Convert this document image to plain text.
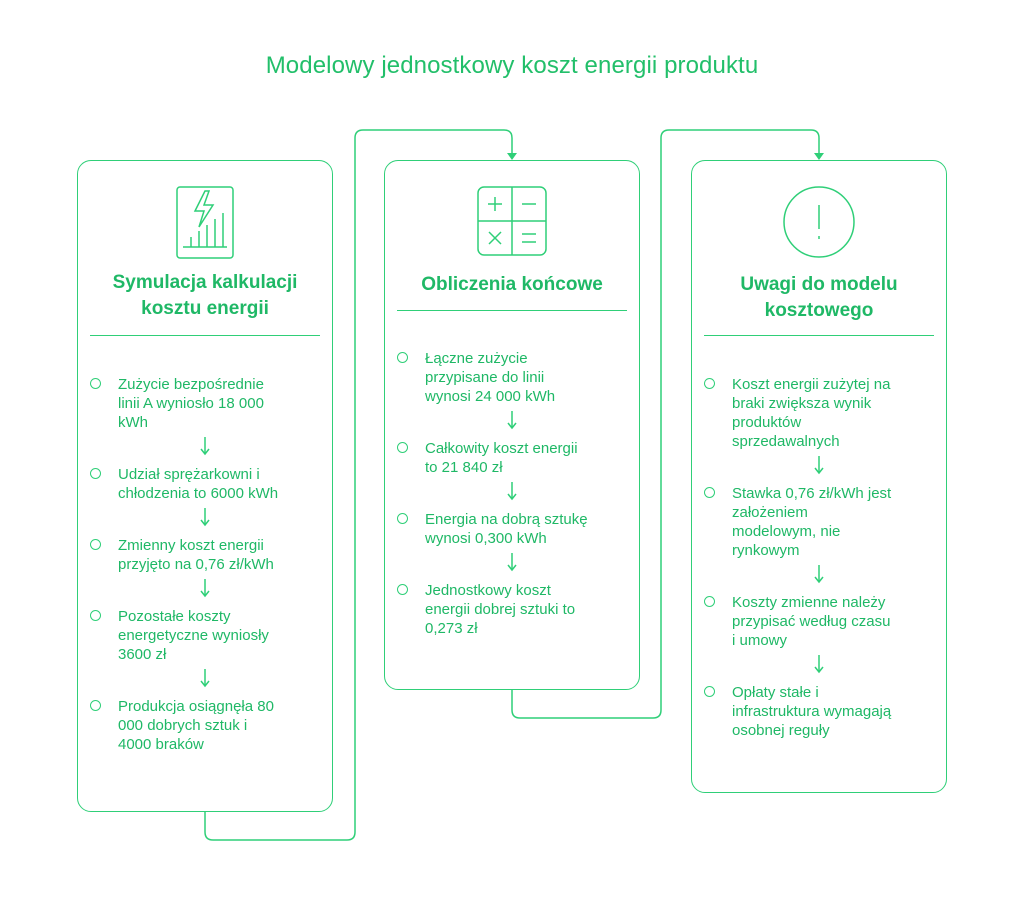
Modelowy jednostkowy koszt energii produktu
Symulacja kalkulacji
kosztu energii
Zużycie bezpośrednie
linii A wyniosło 18 000
kWh
Udział sprężarkowni i
chłodzenia to 6000 kWh
Zmienny koszt energii
przyjęto na 0,76 zł/kWh
Pozostałe koszty
energetyczne wyniosły
3600 zł
Produkcja osiągnęła 80
000 dobrych sztuk i
4000 braków
Obliczenia końcowe
Łączne zużycie
przypisane do linii
wynosi 24 000 kWh
Całkowity koszt energii
to 21 840 zł
Energia na dobrą sztukę
wynosi 0,300 kWh
Jednostkowy koszt
energii dobrej sztuki to
0,273 zł
Uwagi do modelu
kosztowego
Koszt energii zużytej na
braki zwiększa wynik
produktów
sprzedawalnych
Stawka 0,76 zł/kWh jest
założeniem
modelowym, nie
rynkowym
Koszty zmienne należy
przypisać według czasu
i umowy
Opłaty stałe i
infrastruktura wymagają
osobnej reguły
